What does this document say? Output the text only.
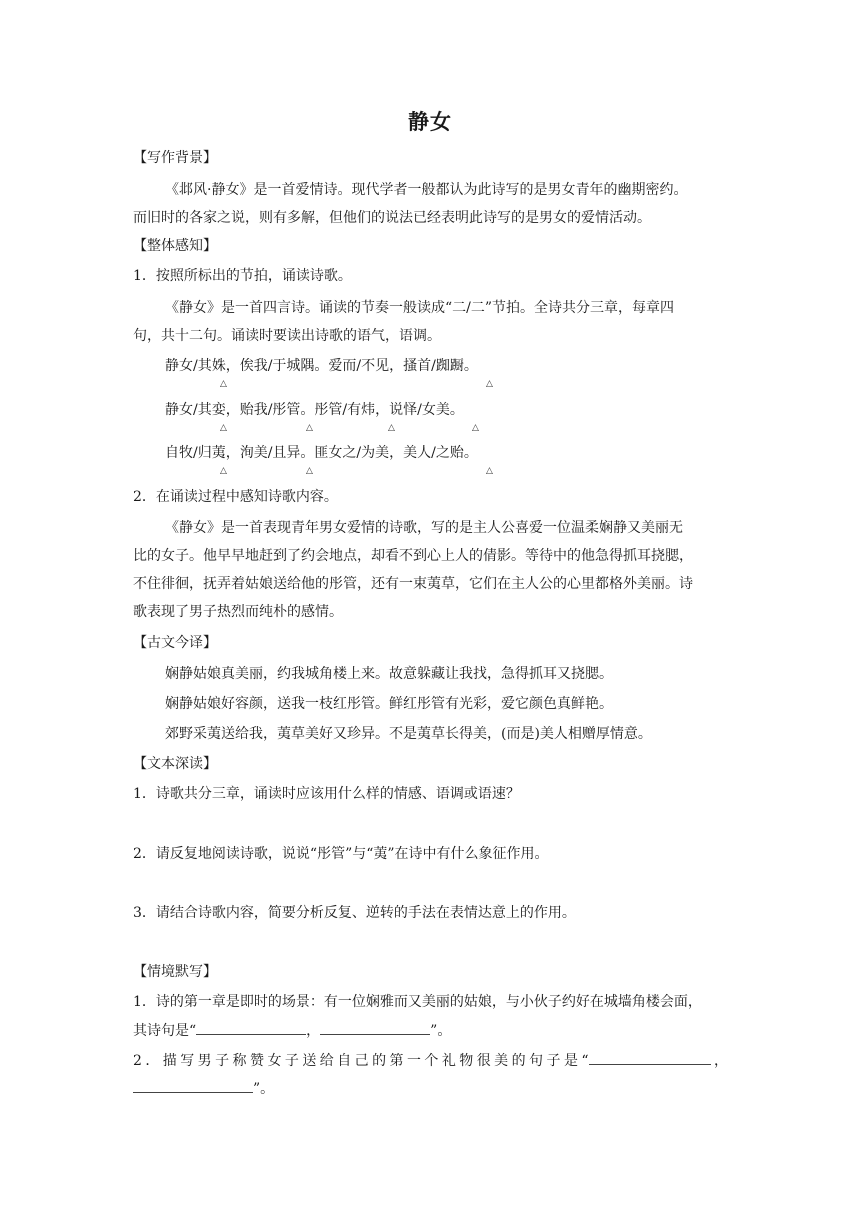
静女
【写作背景】
《邶风·静女》是一首爱情诗。现代学者一般都认为此诗写的是男女青年的幽期密约。
而旧时的各家之说，则有多解，但他们的说法已经表明此诗写的是男女的爱情活动。
【整体感知】
1．按照所标出的节拍，诵读诗歌。
《静女》是一首四言诗。诵读的节奏一般读成“二/二”节拍。全诗共分三章，每章四
句，共十二句。诵读时要读出诗歌的语气，语调。
静女/其姝，俟我/于城隅。爱而/不见，搔首/踟蹰。
△	△
静女/其娈，贻我/彤管。彤管/有炜，说怿/女美。
△	△	△	△
自牧/归荑，洵美/且异。匪女之/为美，美人/之贻。
△	△	△
2．在诵读过程中感知诗歌内容。
《静女》是一首表现青年男女爱情的诗歌，写的是主人公喜爱一位温柔娴静又美丽无
比的女子。他早早地赶到了约会地点，却看不到心上人的倩影。等待中的他急得抓耳挠腮，
不住徘徊，抚弄着姑娘送给他的彤管，还有一束荑草，它们在主人公的心里都格外美丽。诗
歌表现了男子热烈而纯朴的感情。
【古文今译】
娴静姑娘真美丽，约我城角楼上来。故意躲藏让我找，急得抓耳又挠腮。
娴静姑娘好容颜，送我一枝红彤管。鲜红彤管有光彩，爱它颜色真鲜艳。
郊野采荑送给我，荑草美好又珍异。不是荑草长得美，(而是)美人相赠厚情意。
【文本深读】
1．诗歌共分三章，诵读时应该用什么样的情感、语调或语速？
2．请反复地阅读诗歌，说说“彤管”与“荑”在诗中有什么象征作用。
3．请结合诗歌内容，简要分析反复、逆转的手法在表情达意上的作用。
【情境默写】
1．诗的第一章是即时的场景：有一位娴雅而又美丽的姑娘，与小伙子约好在城墙角楼会面，
其诗句是“	，	”。
2．描写男子称赞女子送给自己的第一个礼物很美的句子是“	，
”。
